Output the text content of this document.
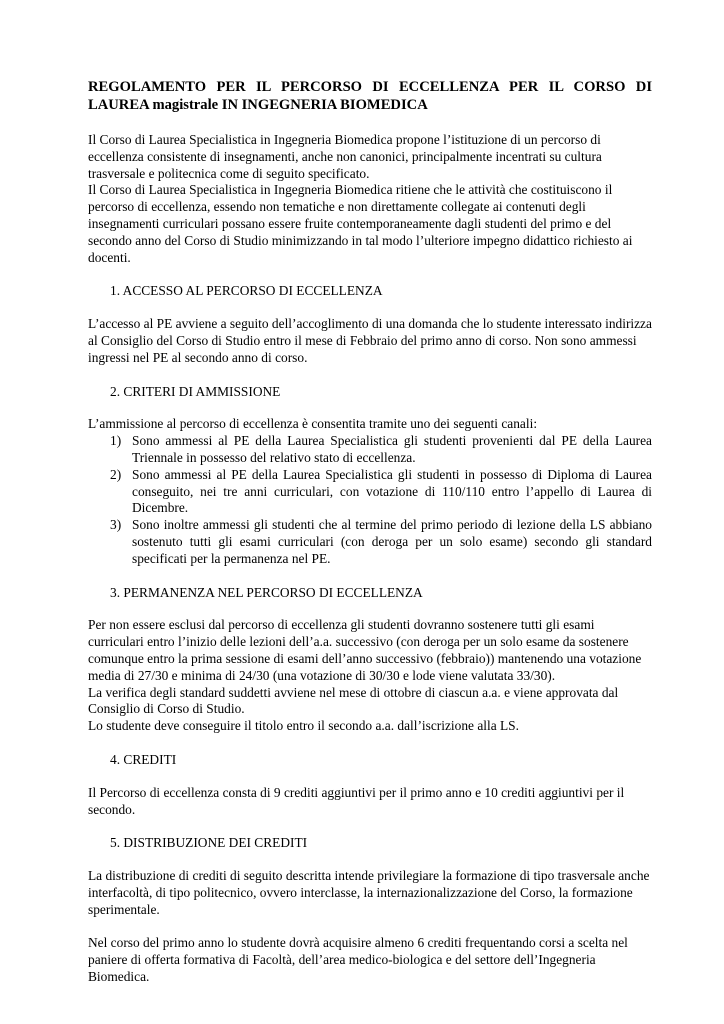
REGOLAMENTO PER IL PERCORSO DI ECCELLENZA PER IL CORSO DI LAUREA magistrale IN INGEGNERIA BIOMEDICA

Il Corso di Laurea Specialistica in Ingegneria Biomedica propone l’istituzione di un percorso di eccellenza consistente di insegnamenti, anche non canonici, principalmente incentrati su cultura trasversale e politecnica come di seguito specificato.

Il Corso di Laurea Specialistica in Ingegneria Biomedica ritiene che le attività che costituiscono il percorso di eccellenza, essendo non tematiche e non direttamente collegate ai contenuti degli insegnamenti curriculari possano essere fruite contemporaneamente dagli studenti del primo e del secondo anno del Corso di Studio minimizzando in tal modo l’ulteriore impegno didattico richiesto ai docenti.

1. ACCESSO AL PERCORSO DI ECCELLENZA

L’accesso al PE avviene a seguito dell’accoglimento di una domanda che lo studente interessato indirizza al Consiglio del Corso di Studio entro il mese di Febbraio del primo anno di corso. Non sono ammessi ingressi nel PE al secondo anno di corso.

2. CRITERI DI AMMISSIONE

L’ammissione al percorso di eccellenza è consentita tramite uno dei seguenti canali:

1) Sono ammessi al PE della Laurea Specialistica gli studenti provenienti dal PE della Laurea Triennale in possesso del relativo stato di eccellenza.
2) Sono ammessi al PE della Laurea Specialistica gli studenti in possesso di Diploma di Laurea conseguito, nei tre anni curriculari, con votazione di 110/110 entro l’appello di Laurea di Dicembre.
3) Sono inoltre ammessi gli studenti che al termine del primo periodo di lezione della LS abbiano sostenuto tutti gli esami curriculari (con deroga per un solo esame) secondo gli standard specificati per la permanenza nel PE.
3. PERMANENZA NEL PERCORSO DI ECCELLENZA

Per non essere esclusi dal percorso di eccellenza gli studenti dovranno sostenere tutti gli esami curriculari entro l’inizio delle lezioni dell’a.a. successivo (con deroga per un solo esame da sostenere comunque entro la prima sessione di esami dell’anno successivo (febbraio)) mantenendo una votazione media di 27/30 e minima di 24/30 (una votazione di 30/30 e lode viene valutata 33/30).

La verifica degli standard suddetti avviene nel mese di ottobre di ciascun a.a. e viene approvata dal Consiglio di Corso di Studio.

Lo studente deve conseguire il titolo entro il secondo a.a. dall’iscrizione alla LS.

4. CREDITI

Il Percorso di eccellenza consta di 9 crediti aggiuntivi per il primo anno e 10 crediti aggiuntivi per il secondo.

5. DISTRIBUZIONE DEI CREDITI

La distribuzione di crediti di seguito descritta intende privilegiare la formazione di tipo trasversale anche interfacoltà, di tipo politecnico, ovvero interclasse, la internazionalizzazione del Corso, la formazione sperimentale.

Nel corso del primo anno lo studente dovrà acquisire almeno 6 crediti frequentando corsi a scelta nel paniere di offerta formativa di Facoltà, dell’area medico-biologica e del settore dell’Ingegneria Biomedica.
